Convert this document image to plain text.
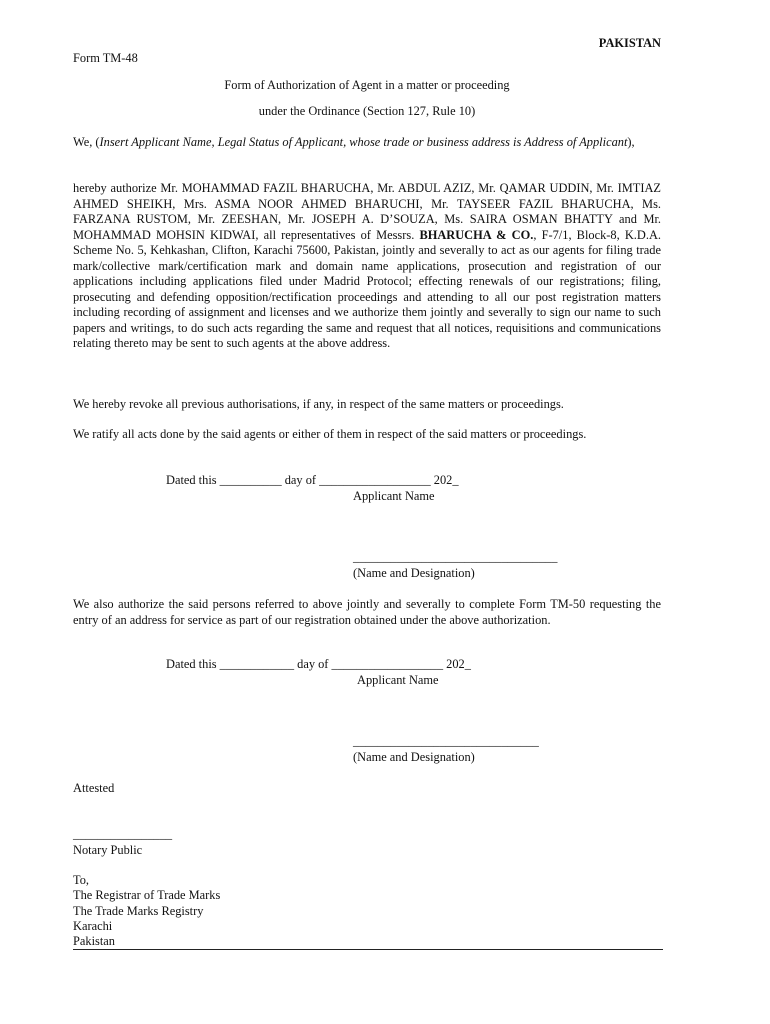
PAKISTAN
Form TM-48
Form of Authorization of Agent in a matter or proceeding
under the Ordinance (Section 127, Rule 10)
We, (Insert Applicant Name, Legal Status of Applicant, whose trade or business address is Address of Applicant),
hereby authorize Mr. MOHAMMAD FAZIL BHARUCHA, Mr. ABDUL AZIZ, Mr. QAMAR UDDIN, Mr. IMTIAZ AHMED SHEIKH, Mrs. ASMA NOOR AHMED BHARUCHI, Mr. TAYSEER FAZIL BHARUCHA, Ms. FARZANA RUSTOM, Mr. ZEESHAN, Mr. JOSEPH A. D’SOUZA, Ms. SAIRA OSMAN BHATTY and Mr. MOHAMMAD MOHSIN KIDWAI, all representatives of Messrs. BHARUCHA & CO., F-7/1, Block-8, K.D.A. Scheme No. 5, Kehkashan, Clifton, Karachi 75600, Pakistan, jointly and severally to act as our agents for filing trade mark/collective mark/certification mark and domain name applications, prosecution and registration of our applications including applications filed under Madrid Protocol; effecting renewals of our registrations; filing, prosecuting and defending opposition/rectification proceedings and attending to all our post registration matters including recording of assignment and licenses and we authorize them jointly and severally to sign our name to such papers and writings, to do such acts regarding the same and request that all notices, requisitions and communications relating thereto may be sent to such agents at the above address.
We hereby revoke all previous authorisations, if any, in respect of the same matters or proceedings.
We ratify all acts done by the said agents or either of them in respect of the said matters or proceedings.
Dated this __________ day of __________________ 202_
Applicant Name
_________________________________
(Name and Designation)
We also authorize the said persons referred to above jointly and severally to complete Form TM-50 requesting the entry of an address for service as part of our registration obtained under the above authorization.
Dated this ____________ day of __________________ 202_
Applicant Name
______________________________
(Name and Designation)
Attested
________________
Notary Public
To,
The Registrar of Trade Marks
The Trade Marks Registry
Karachi
Pakistan
